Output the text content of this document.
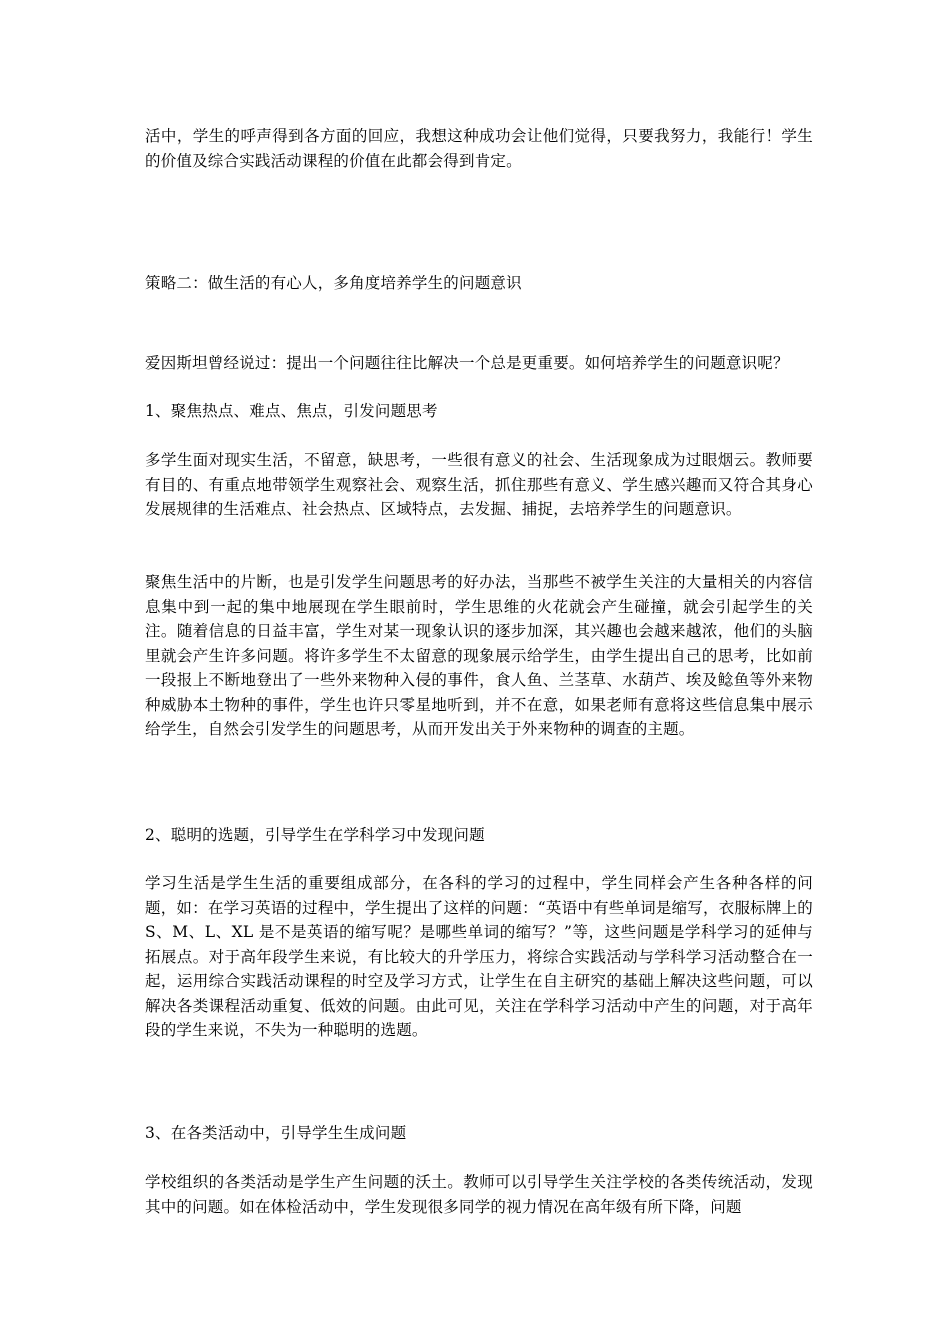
活中，学生的呼声得到各方面的回应，我想这种成功会让他们觉得，只要我努力，我能行！学生的价值及综合实践活动课程的价值在此都会得到肯定。

策略二：做生活的有心人，多角度培养学生的问题意识

爱因斯坦曾经说过：提出一个问题往往比解决一个总是更重要。如何培养学生的问题意识呢？

1、聚焦热点、难点、焦点，引发问题思考

多学生面对现实生活，不留意，缺思考，一些很有意义的社会、生活现象成为过眼烟云。教师要有目的、有重点地带领学生观察社会、观察生活，抓住那些有意义、学生感兴趣而又符合其身心发展规律的生活难点、社会热点、区域特点，去发掘、捕捉，去培养学生的问题意识。

聚焦生活中的片断，也是引发学生问题思考的好办法，当那些不被学生关注的大量相关的内容信息集中到一起的集中地展现在学生眼前时，学生思维的火花就会产生碰撞，就会引起学生的关注。随着信息的日益丰富，学生对某一现象认识的逐步加深，其兴趣也会越来越浓，他们的头脑里就会产生许多问题。将许多学生不太留意的现象展示给学生，由学生提出自己的思考，比如前一段报上不断地登出了一些外来物种入侵的事件，食人鱼、兰茎草、水葫芦、埃及鲶鱼等外来物种威胁本土物种的事件，学生也许只零星地听到，并不在意，如果老师有意将这些信息集中展示给学生，自然会引发学生的问题思考，从而开发出关于外来物种的调查的主题。

2、聪明的选题，引导学生在学科学习中发现问题

学习生活是学生生活的重要组成部分，在各科的学习的过程中，学生同样会产生各种各样的问题，如：在学习英语的过程中，学生提出了这样的问题：“英语中有些单词是缩写，衣服标牌上的 S、M、L、XL 是不是英语的缩写呢？是哪些单词的缩写？”等，这些问题是学科学习的延伸与拓展点。对于高年段学生来说，有比较大的升学压力，将综合实践活动与学科学习活动整合在一起，运用综合实践活动课程的时空及学习方式，让学生在自主研究的基础上解决这些问题，可以解决各类课程活动重复、低效的问题。由此可见，关注在学科学习活动中产生的问题，对于高年段的学生来说，不失为一种聪明的选题。

3、在各类活动中，引导学生生成问题

学校组织的各类活动是学生产生问题的沃土。教师可以引导学生关注学校的各类传统活动，发现其中的问题。如在体检活动中，学生发现很多同学的视力情况在高年级有所下降，问题
